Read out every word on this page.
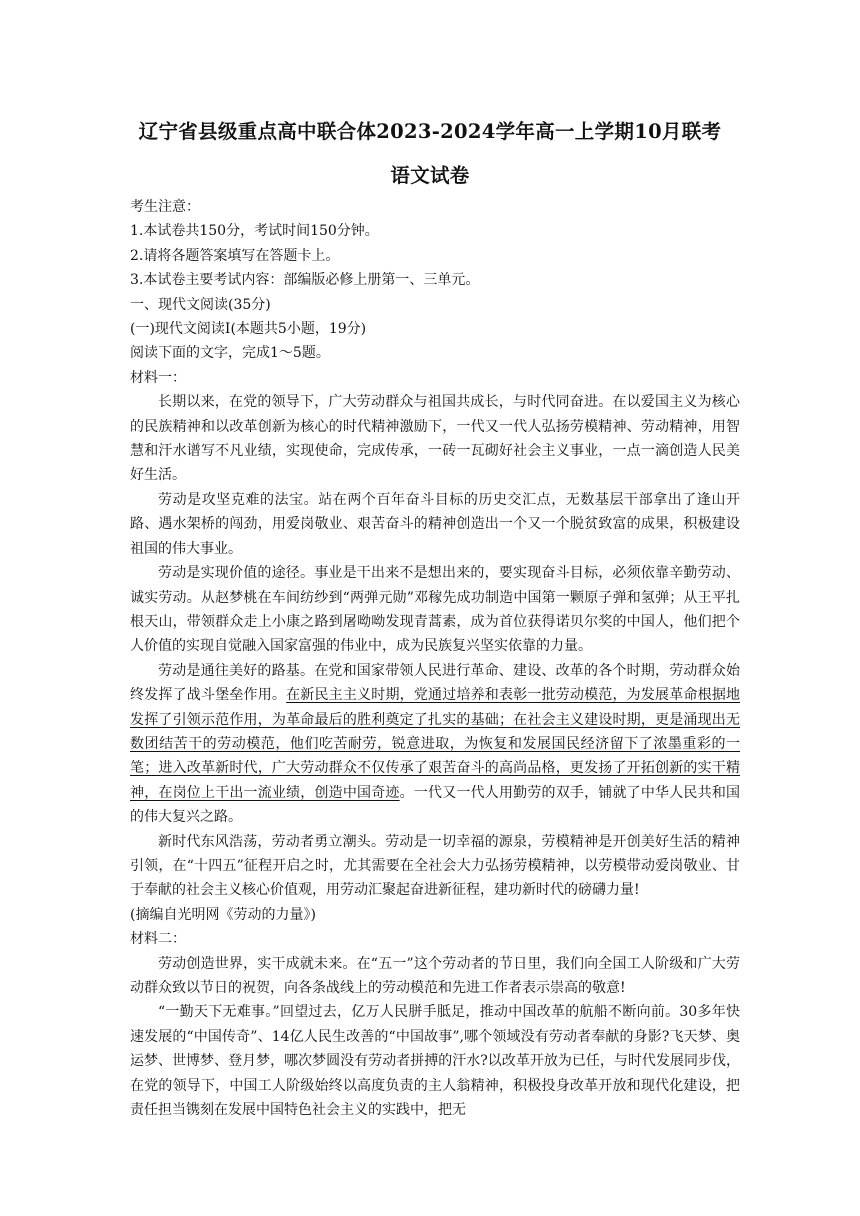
辽宁省县级重点高中联合体2023-2024学年高一上学期10月联考
语文试卷
考生注意：
1.本试卷共150分，考试时间150分钟。
2.请将各题答案填写在答题卡上。
3.本试卷主要考试内容：部编版必修上册第一、三单元。
一、现代文阅读(35分)
(一)现代文阅读Ⅰ(本题共5小题，19分)
阅读下面的文字，完成1～5题。
材料一：

长期以来，在党的领导下，广大劳动群众与祖国共成长，与时代同奋进。在以爱国主义为核心的民族精神和以改革创新为核心的时代精神激励下，一代又一代人弘扬劳模精神、劳动精神，用智慧和汗水谱写不凡业绩，实现使命，完成传承，一砖一瓦砌好社会主义事业，一点一滴创造人民美好生活。

劳动是攻坚克难的法宝。站在两个百年奋斗目标的历史交汇点，无数基层干部拿出了逢山开路、遇水架桥的闯劲，用爱岗敬业、艰苦奋斗的精神创造出一个又一个脱贫致富的成果，积极建设祖国的伟大事业。

劳动是实现价值的途径。事业是干出来不是想出来的，要实现奋斗目标，必须依靠辛勤劳动、诚实劳动。从赵梦桃在车间纺纱到“两弹元勋”邓稼先成功制造中国第一颗原子弹和氢弹；从王平扎根天山，带领群众走上小康之路到屠呦呦发现青蒿素，成为首位获得诺贝尔奖的中国人，他们把个人价值的实现自觉融入国家富强的伟业中，成为民族复兴坚实依靠的力量。

劳动是通往美好的路基。在党和国家带领人民进行革命、建设、改革的各个时期，劳动群众始终发挥了战斗堡垒作用。在新民主主义时期，党通过培养和表彰一批劳动模范，为发展革命根据地发挥了引领示范作用，为革命最后的胜利奠定了扎实的基础；在社会主义建设时期，更是涌现出无数团结苦干的劳动模范，他们吃苦耐劳，锐意进取，为恢复和发展国民经济留下了浓墨重彩的一笔；进入改革新时代，广大劳动群众不仅传承了艰苦奋斗的高尚品格，更发扬了开拓创新的实干精神，在岗位上干出一流业绩，创造中国奇迹。一代又一代人用勤劳的双手，铺就了中华人民共和国的伟大复兴之路。

新时代东风浩荡，劳动者勇立潮头。劳动是一切幸福的源泉，劳模精神是开创美好生活的精神引领，在“十四五”征程开启之时，尤其需要在全社会大力弘扬劳模精神，以劳模带动爱岗敬业、甘于奉献的社会主义核心价值观，用劳动汇聚起奋进新征程，建功新时代的磅礴力量!

(摘编自光明网《劳动的力量》)
材料二：

劳动创造世界，实干成就未来。在“五一”这个劳动者的节日里，我们向全国工人阶级和广大劳动群众致以节日的祝贺，向各条战线上的劳动模范和先进工作者表示崇高的敬意!

“一勤天下无难事。”回望过去，亿万人民胼手胝足，推动中国改革的航船不断向前。30多年快速发展的“中国传奇”、14亿人民生改善的“中国故事”,哪个领域没有劳动者奉献的身影?飞天梦、奥运梦、世博梦、登月梦，哪次梦圆没有劳动者拼搏的汗水?以改革开放为已任，与时代发展同步伐，在党的领导下，中国工人阶级始终以高度负责的主人翁精神，积极投身改革开放和现代化建设，把责任担当镌刻在发展中国特色社会主义的实践中，把无
